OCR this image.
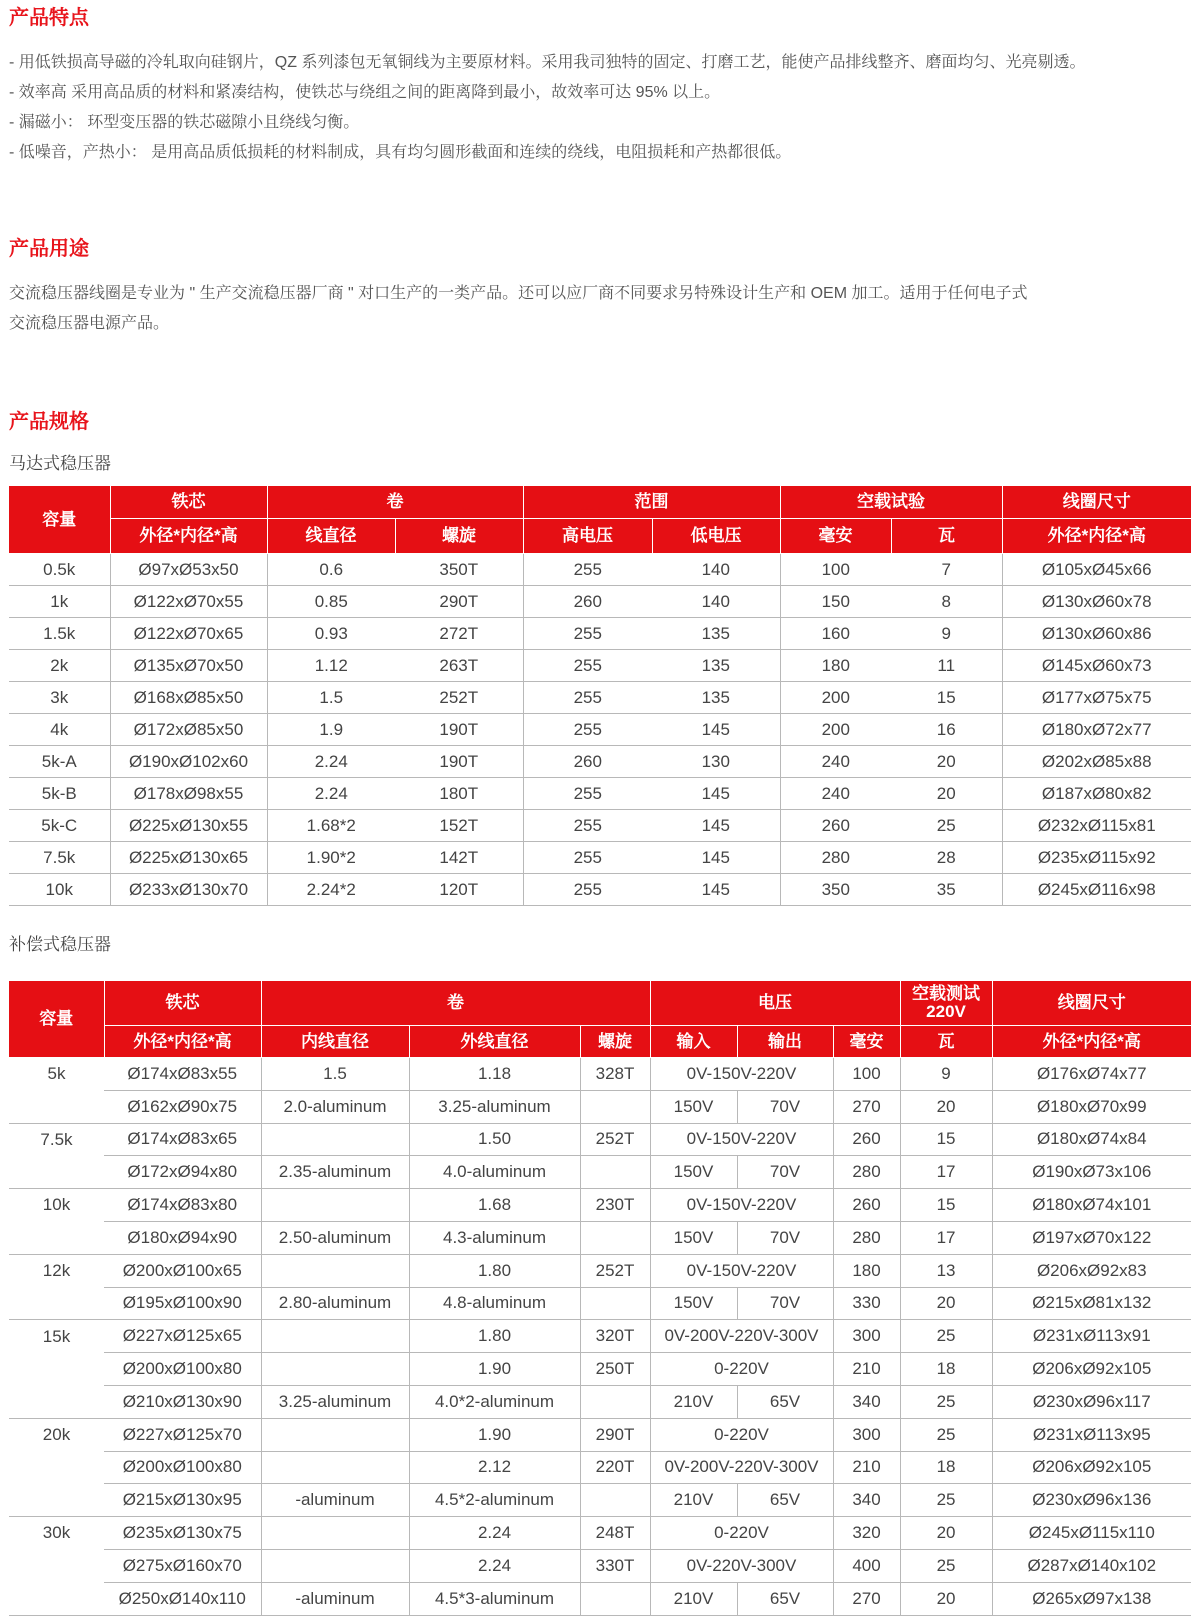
产品特点
- 用低铁损高导磁的冷轧取向硅钢片，QZ 系列漆包无氧铜线为主要原材料。采用我司独特的固定、打磨工艺，能使产品排线整齐、磨面均匀、光亮剔透。
- 效率高 采用高品质的材料和紧凑结构，使铁芯与绕组之间的距离降到最小，故效率可达 95% 以上。
- 漏磁小： 环型变压器的铁芯磁隙小且绕线匀衡。
- 低噪音，产热小： 是用高品质低损耗的材料制成，具有均匀圆形截面和连续的绕线，电阻损耗和产热都很低。
产品用途
交流稳压器线圈是专业为 " 生产交流稳压器厂商 " 对口生产的一类产品。还可以应厂商不同要求另特殊设计生产和 OEM 加工。适用于任何电子式
交流稳压器电源产品。
产品规格
马达式稳压器
容量	铁芯	卷		范围		空载试验		线圈尺寸
	外径*内径*高	线直径	螺旋	高电压	低电压	毫安	瓦	外径*内径*高
0.5k	Ø97xØ53x50	0.6	350T	255	140	100	7	Ø105xØ45x66
1k	Ø122xØ70x55	0.85	290T	260	140	150	8	Ø130xØ60x78
1.5k	Ø122xØ70x65	0.93	272T	255	135	160	9	Ø130xØ60x86
2k	Ø135xØ70x50	1.12	263T	255	135	180	11	Ø145xØ60x73
3k	Ø168xØ85x50	1.5	252T	255	135	200	15	Ø177xØ75x75
4k	Ø172xØ85x50	1.9	190T	255	145	200	16	Ø180xØ72x77
5k-A	Ø190xØ102x60	2.24	190T	260	130	240	20	Ø202xØ85x88
5k-B	Ø178xØ98x55	2.24	180T	255	145	240	20	Ø187xØ80x82
5k-C	Ø225xØ130x55	1.68*2	152T	255	145	260	25	Ø232xØ115x81
7.5k	Ø225xØ130x65	1.90*2	142T	255	145	280	28	Ø235xØ115x92
10k	Ø233xØ130x70	2.24*2	120T	255	145	350	35	Ø245xØ116x98
补偿式稳压器
容量	铁芯	卷			电压			空载测试
220V	线圈尺寸
	外径*内径*高	内线直径	外线直径	螺旋	输入	输出	毫安	瓦	外径*内径*高
5k	Ø174xØ83x55	1.5	1.18	328T	0V-150V-220V		100	9	Ø176xØ74x77
	Ø162xØ90x75	2.0-aluminum	3.25-aluminum		150V	70V	270	20	Ø180xØ70x99
7.5k	Ø174xØ83x65		1.50	252T	0V-150V-220V		260	15	Ø180xØ74x84
	Ø172xØ94x80	2.35-aluminum	4.0-aluminum		150V	70V	280	17	Ø190xØ73x106
10k	Ø174xØ83x80		1.68	230T	0V-150V-220V		260	15	Ø180xØ74x101
	Ø180xØ94x90	2.50-aluminum	4.3-aluminum		150V	70V	280	17	Ø197xØ70x122
12k	Ø200xØ100x65		1.80	252T	0V-150V-220V		180	13	Ø206xØ92x83
	Ø195xØ100x90	2.80-aluminum	4.8-aluminum		150V	70V	330	20	Ø215xØ81x132
15k	Ø227xØ125x65		1.80	320T	0V-200V-220V-300V		300	25	Ø231xØ113x91
	Ø200xØ100x80		1.90	250T	0-220V		210	18	Ø206xØ92x105
	Ø210xØ130x90	3.25-aluminum	4.0*2-aluminum		210V	65V	340	25	Ø230xØ96x117
20k	Ø227xØ125x70		1.90	290T	0-220V		300	25	Ø231xØ113x95
	Ø200xØ100x80		2.12	220T	0V-200V-220V-300V		210	18	Ø206xØ92x105
	Ø215xØ130x95	-aluminum	4.5*2-aluminum		210V	65V	340	25	Ø230xØ96x136
30k	Ø235xØ130x75		2.24	248T	0-220V		320	20	Ø245xØ115x110
	Ø275xØ160x70		2.24	330T	0V-220V-300V		400	25	Ø287xØ140x102
	Ø250xØ140x110	-aluminum	4.5*3-aluminum		210V	65V	270	20	Ø265xØ97x138
